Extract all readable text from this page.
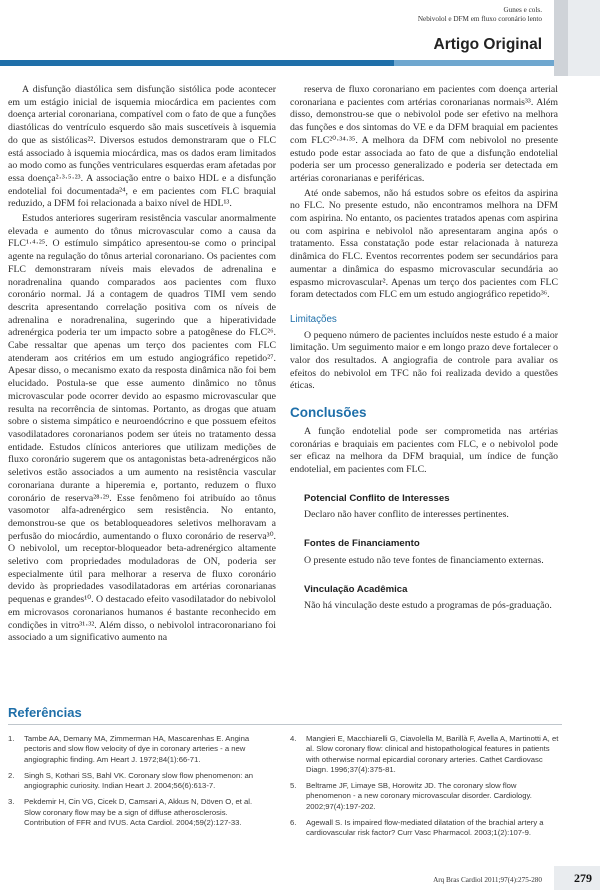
Gunes e cols.
Nebivolol e DFM em fluxo coronário lento
Artigo Original

A disfunção diastólica sem disfunção sistólica pode acontecer em um estágio inicial de isquemia miocárdica em pacientes com doença arterial coronariana, compatível com o fato de que a funções diastólicas do ventrículo esquerdo são mais suscetíveis à isquemia do que as sistólicas²². Diversos estudos demonstraram que o FLC está associado à isquemia miocárdica, mas os dados eram limitados ao modo como as funções ventriculares esquerdas eram afetadas por essa doença²·³·⁵·²³. A associação entre o baixo HDL e a disfunção endotelial foi documentada²⁴, e em pacientes com FLC braquial reduzido, a DFM foi relacionada a baixo nível de HDL¹³.

Estudos anteriores sugeriram resistência vascular anormalmente elevada e aumento do tônus microvascular como a causa da FLC¹·⁴·²⁵. O estímulo simpático apresentou-se como o principal agente na regulação do tônus arterial coronariano. Os pacientes com FLC demonstraram níveis mais elevados de adrenalina e noradrenalina quando comparados aos pacientes com fluxo coronário normal. Já a contagem de quadros TIMI vem sendo descrita apresentando correlação positiva com os níveis de adrenalina e noradrenalina, sugerindo que a hiperatividade adrenérgica poderia ter um impacto sobre a patogênese do FLC²⁶. Cabe ressaltar que apenas um terço dos pacientes com FLC atenderam aos critérios em um estudo angiográfico repetido²⁷. Apesar disso, o mecanismo exato da resposta dinâmica não foi bem elucidado. Postula-se que esse aumento dinâmico no tônus microvascular pode ocorrer devido ao espasmo microvascular que resulta na recorrência de sintomas. Portanto, as drogas que atuam sobre o sistema simpático e neuroendócrino e que possuem efeitos vasodilatadores coronarianos podem ser úteis no tratamento dessa entidade. Estudos clínicos anteriores que utilizam medições de fluxo coronário sugerem que os antagonistas beta-adrenérgicos não seletivos estão associados a um aumento na resistência vascular coronariana durante a hiperemia e, portanto, reduzem o fluxo coronário de reserva²⁸·²⁹. Esse fenômeno foi atribuído ao tônus vasomotor alfa-adrenérgico sem resistência. No entanto, demonstrou-se que os betabloqueadores seletivos melhoravam a perfusão do miocárdio, aumentando o fluxo coronário de reserva³⁰. O nebivolol, um receptor-bloqueador beta-adrenérgico altamente seletivo com propriedades moduladoras de ON, poderia ser especialmente útil para melhorar a reserva de fluxo coronário devido às propriedades vasodilatadoras em artérias coronarianas pequenas e grandes¹⁰. O destacado efeito vasodilatador do nebivolol em microvasos coronarianos humanos é bastante reconhecido em condições in vitro³¹·³². Além disso, o nebivolol intracoronariano foi associado a um significativo aumento na

reserva de fluxo coronariano em pacientes com doença arterial coronariana e pacientes com artérias coronarianas normais³³. Além disso, demonstrou-se que o nebivolol pode ser efetivo na melhora das funções e dos sintomas do VE e da DFM braquial em pacientes com FLC²⁰·³⁴·³⁵. A melhora da DFM com nebivolol no presente estudo pode estar associada ao fato de que a disfunção endotelial poderia ser um processo generalizado e poderia ser detectada em artérias coronarianas e periféricas.

Até onde sabemos, não há estudos sobre os efeitos da aspirina no FLC. No presente estudo, não encontramos melhora na DFM com aspirina. No entanto, os pacientes tratados apenas com aspirina ou com aspirina e nebivolol não apresentaram angina após o tratamento. Essa constatação pode estar relacionada à natureza dinâmica do FLC. Eventos recorrentes podem ser secundários para aumentar a dinâmica do espasmo microvascular secundária ao espasmo microvascular². Apenas um terço dos pacientes com FLC foram detectados com FLC em um estudo angiográfico repetido³⁶.

Limitações

O pequeno número de pacientes incluídos neste estudo é a maior limitação. Um seguimento maior e em longo prazo deve fortalecer o valor dos resultados. A angiografia de controle para avaliar os efeitos do nebivolol em TFC não foi realizada devido a questões éticas.

Conclusões

A função endotelial pode ser comprometida nas artérias coronárias e braquiais em pacientes com FLC, e o nebivolol pode ser eficaz na melhora da DFM braquial, um índice de função endotelial, em pacientes com FLC.

Potencial Conflito de Interesses

Declaro não haver conflito de interesses pertinentes.

Fontes de Financiamento

O presente estudo não teve fontes de financiamento externas.

Vinculação Acadêmica

Não há vinculação deste estudo a programas de pós-graduação.

Referências
1. Tambe AA, Demany MA, Zimmerman HA, Mascarenhas E. Angina pectoris and slow flow velocity of dye in coronary arteries - a new angiographic finding. Am Heart J. 1972;84(1):66-71.
2. Singh S, Kothari SS, Bahl VK. Coronary slow flow phenomenon: an angiographic curiosity. Indian Heart J. 2004;56(6):613-7.
3. Pekdemir H, Cin VG, Cicek D, Camsari A, Akkus N, Döven O, et al. Slow coronary flow may be a sign of diffuse atherosclerosis. Contribution of FFR and IVUS. Acta Cardiol. 2004;59(2):127-33.
4. Mangieri E, Macchiarelli G, Ciavolella M, Barillà F, Avella A, Martinotti A, et al. Slow coronary flow: clinical and histopathological features in patients with otherwise normal epicardial coronary arteries. Cathet Cardiovasc Diagn. 1996;37(4):375-81.
5. Beltrame JF, Limaye SB, Horowitz JD. The coronary slow flow phenomenon - a new coronary microvascular disorder. Cardiology. 2002;97(4):197-202.
6. Agewall S. Is impaired flow-mediated dilatation of the brachial artery a cardiovascular risk factor? Curr Vasc Pharmacol. 2003;1(2):107-9.
Arq Bras Cardiol 2011;97(4):275-280	279
